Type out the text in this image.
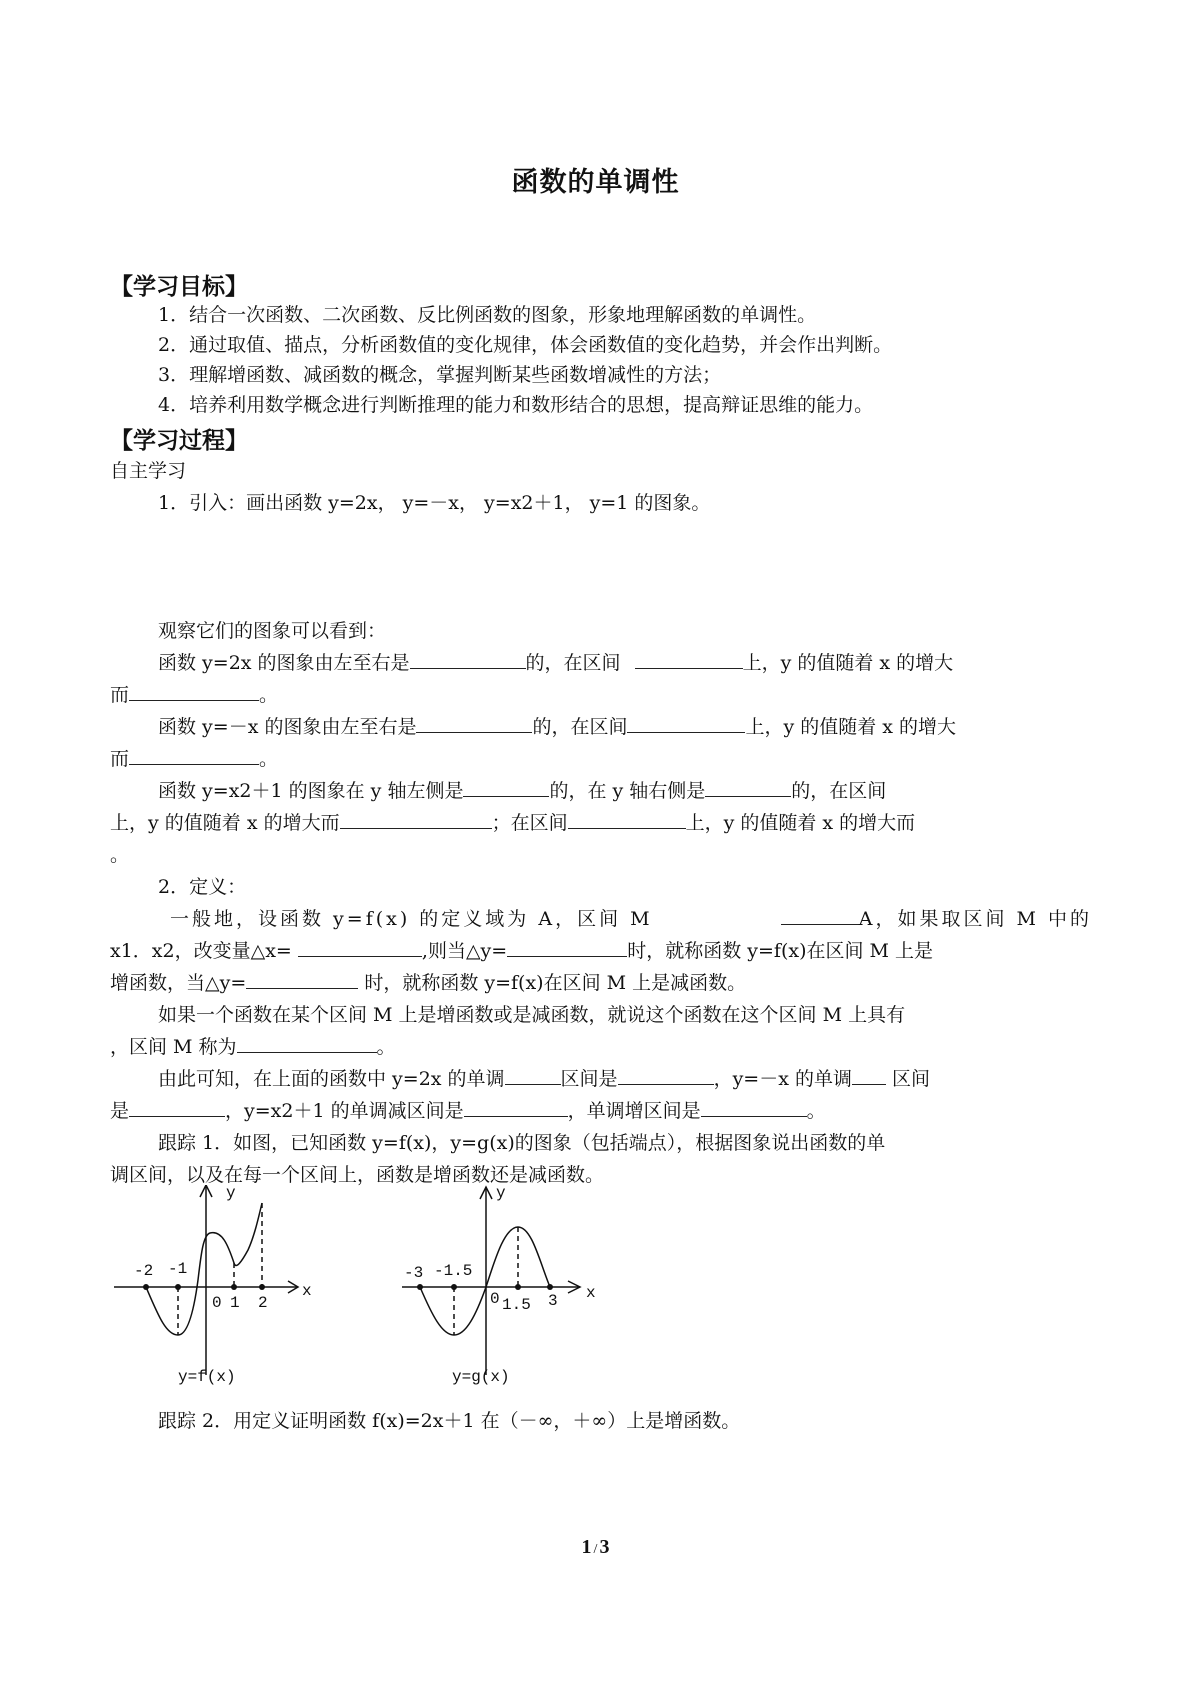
函数的单调性
【学习目标】
1．结合一次函数、二次函数、反比例函数的图象，形象地理解函数的单调性。
2．通过取值、描点，分析函数值的变化规律，体会函数值的变化趋势，并会作出判断。
3．理解增函数、减函数的概念，掌握判断某些函数增减性的方法；
4．培养利用数学概念进行判断推理的能力和数形结合的思想，提高辩证思维的能力。
【学习过程】
自主学习
1．引入：画出函数 y=2x， y=－x， y=x2＋1， y=1 的图象。
观察它们的图象可以看到：
函数 y=2x 的图象由左至右是	的，在区间	上，y 的值随着 x 的增大
而	。
函数 y=－x 的图象由左至右是	的，在区间	上，y 的值随着 x 的增大
而	。
函数 y=x2＋1 的图象在 y 轴左侧是	的，在 y 轴右侧是	的，在区间
上，y 的值随着 x 的增大而	；在区间	上，y 的值随着 x 的增大而
。
2．定义：
一般地，设函数 y=f(x) 的定义域为 A，区间 M	A，如果取区间 M 中的
x1．x2，改变量△x=	,则当△y=	时，就称函数 y=f(x)在区间 M 上是
增函数，当△y=	时，就称函数 y=f(x)在区间 M 上是减函数。
如果一个函数在某个区间 M 上是增函数或是减函数，就说这个函数在这个区间 M 上具有
，区间 M 称为	。
由此可知，在上面的函数中 y=2x 的单调	区间是	，y=－x 的单调 区间
是	，y=x2＋1 的单调减区间是	，单调增区间是	。
跟踪 1．如图，已知函数 y=f(x)，y=g(x)的图象（包括端点），根据图象说出函数的单
调区间，以及在每一个区间上，函数是增函数还是减函数。
y
x
-2 -1
0 1 2
y=f(x)
y
x
-3 -1.5
0 1.5 3
y=g(x)
跟踪 2．用定义证明函数 f(x)=2x＋1 在（－∞，＋∞）上是增函数。
1 / 3
